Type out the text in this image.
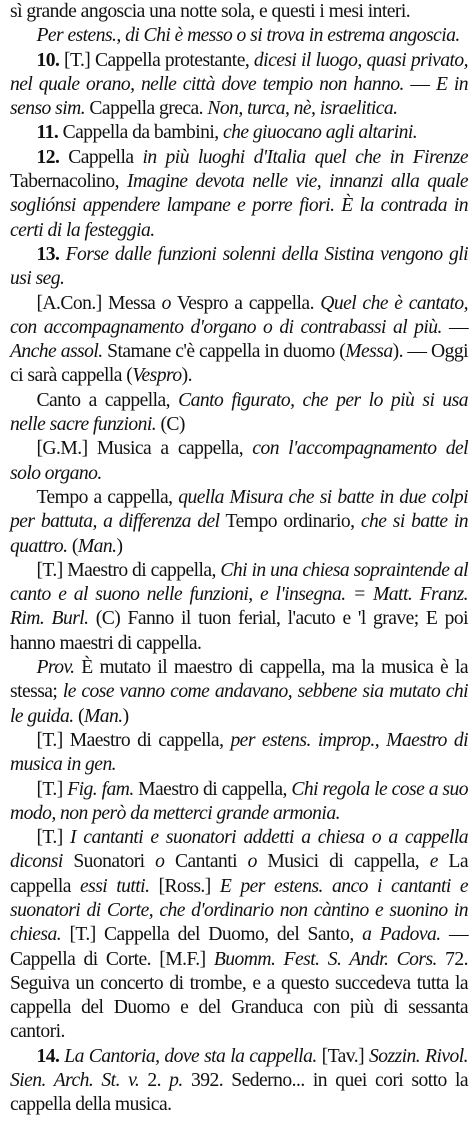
sì grande angoscia una notte sola, e questi i mesi interi.

Per estens., di Chi è messo o si trova in estrema angoscia.

10. [T.] Cappella protestante, dicesi il luogo, quasi privato, nel quale orano, nelle città dove tempio non hanno. — E in senso sim. Cappella greca. Non, turca, nè, israelitica.

11. Cappella da bambini, che giuocano agli altarini.

12. Cappella in più luoghi d'Italia quel che in Firenze Tabernacolino, Imagine devota nelle vie, innanzi alla quale sogliónsi appendere lampane e porre fiori. È la contrada in certi di la festeggia.

13. Forse dalle funzioni solenni della Sistina vengono gli usi seg.

[A.Con.] Messa o Vespro a cappella. Quel che è cantato, con accompagnamento d'organo o di contrabassi al più. — Anche assol. Stamane c'è cappella in duomo (Messa). — Oggi ci sarà cappella (Vespro).

Canto a cappella, Canto figurato, che per lo più si usa nelle sacre funzioni. (C)

[G.M.] Musica a cappella, con l'accompagnamento del solo organo.

Tempo a cappella, quella Misura che si batte in due colpi per battuta, a differenza del Tempo ordinario, che si batte in quattro. (Man.)

[T.] Maestro di cappella, Chi in una chiesa sopraintende al canto e al suono nelle funzioni, e l'insegna. = Matt. Franz. Rim. Burl. (C) Fanno il tuon ferial, l'acuto e 'l grave; E poi hanno maestri di cappella.

Prov. È mutato il maestro di cappella, ma la musica è la stessa; le cose vanno come andavano, sebbene sia mutato chi le guida. (Man.)

[T.] Maestro di cappella, per estens. improp., Maestro di musica in gen.

[T.] Fig. fam. Maestro di cappella, Chi regola le cose a suo modo, non però da metterci grande armonia.

[T.] I cantanti e suonatori addetti a chiesa o a cappella diconsi Suonatori o Cantanti o Musici di cappella, e La cappella essi tutti. [Ross.] E per estens. anco i cantanti e suonatori di Corte, che d'ordinario non càntino e suonino in chiesa. [T.] Cappella del Duomo, del Santo, a Padova. — Cappella di Corte. [M.F.] Buomm. Fest. S. Andr. Cors. 72. Seguiva un concerto di trombe, e a questo succedeva tutta la cappella del Duomo e del Granduca con più di sessanta cantori.

14. La Cantoria, dove sta la cappella. [Tav.] Sozzin. Rivol. Sien. Arch. St. v. 2. p. 392. Sederno... in quei cori sotto la cappella della musica.
